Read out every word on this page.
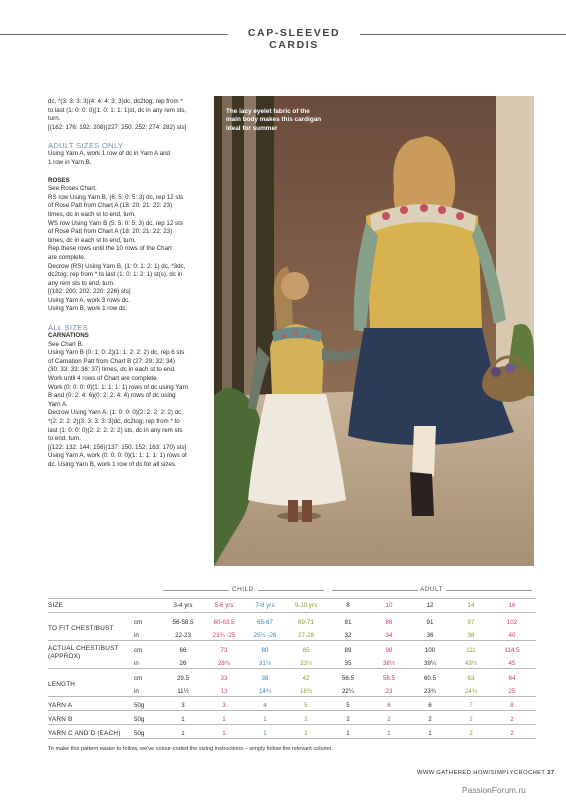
CAP-SLEEVED CARDIS

dc, *(3: 3: 3: 3)(4: 4: 4: 3: 3)dc, dc2tog; rep from *

to last (1: 0: 0: 0)(1: 0: 1: 1: 1)st, dc in any rem sts,

turn.

[(162: 176: 192: 208)(227: 250: 252: 274: 282) sts]

ADULT SIZES ONLY

Using Yarn A, work 1 row of dc in Yarn A and

1 row in Yarn B.

ROSES

See Roses Chart.

RS row Using Yarn B, (6: 5: 0: 5: 3) dc, rep 12 sts

of Rose Patt from Chart A (18: 20: 21: 22: 23)

times, dc in each st to end, turn.

WS row Using Yarn B (5: 5: 0: 5: 3) dc, rep 12 sts

of Rose Patt from Chart A (18: 20: 21: 22: 23)

times, dc in each st to end, turn.

Rep these rows until the 10 rows of the Chart

are complete.

Decrow (RS) Using Yarn B, (1: 0: 1: 2: 1) dc, *3dc,

dc2tog; rep from * to last (1: 0: 1: 2: 1) st(s), dc in

any rem sts to end, turn.

[(182: 200: 202: 220: 226) sts]

Using Yarn A, work 3 rows dc.

Using Yarn B, work 1 row dc.

ALL SIZES

CARNATIONS

See Chart B.

Using Yarn B (0: 1: 0: 2)(1: 1: 2: 2: 2) dc, rep 6 sts

of Carnation Patt from Chart B (27: 29: 32: 34)

(30: 33: 33: 36: 37) times, dc in each st to end.

Work until 4 rows of Chart are complete.

Work (0: 0: 0: 0)(1: 1: 1: 1: 1) rows of dc using Yarn

B and (0: 2: 4: 6)(0: 2: 2: 4: 4) rows of dc using

Yarn A.

Decrow Using Yarn A, (1: 0: 0: 0)(2: 2: 2: 2: 2) dc,

*(2: 2: 2: 2)(3: 3: 3: 3: 3)dc, dc2tog; rep from * to

last (1: 0: 0: 0)(2: 2: 2: 2: 2) sts, dc in any rem sts

to end, turn.

[(122: 132: 144: 156)(137: 150: 152: 163: 170) sts]

Using Yarn A, work (0: 0: 0: 0)(1: 1: 1: 1: 1) rows of

dc. Using Yarn B, work 1 row of dc for all sizes.

The lacy eyelet fabric of the main body makes this cardigan ideal for summer
CHILD	ADULT
To make this pattern easier to follow, we've colour-coded the sizing instructions – simply follow the relevant column.
WWW.GATHERED.HOW/SIMPLYCROCHET 27
PassionForum.ru
SIZE	3-4 yrs	5-6 yrs	7-8 yrs	9-10 yrs	8	10	12	14	16
TO FIT CHEST/BUST
cm	56-58.5	60-63.5	65-67	69-71	81	86	91	97	102
in	22-23	23¾ -25	25½ -26	27-28	32	34	36	38	40
ACTUAL CHEST/BUST
(APPROX)
cm	66	73	80	85	89	98	100	111	114.5
in	26	28¾	31½	33½	35	38½	39¼	43½	45
LENGTH
cm	29.5	33	38	42	56.5	58.5	60.5	63	64
in	11½	13	14¾	16¾	22¼	23	23¾	24¾	25
YARN A	50g	3	3	4	5	5	6	6	7	8
YARN B	50g	1	1	1	2	2	2	2	2	2
YARN C AND D (EACH) 50g	1	1	1	1	1	1	1	2	2
